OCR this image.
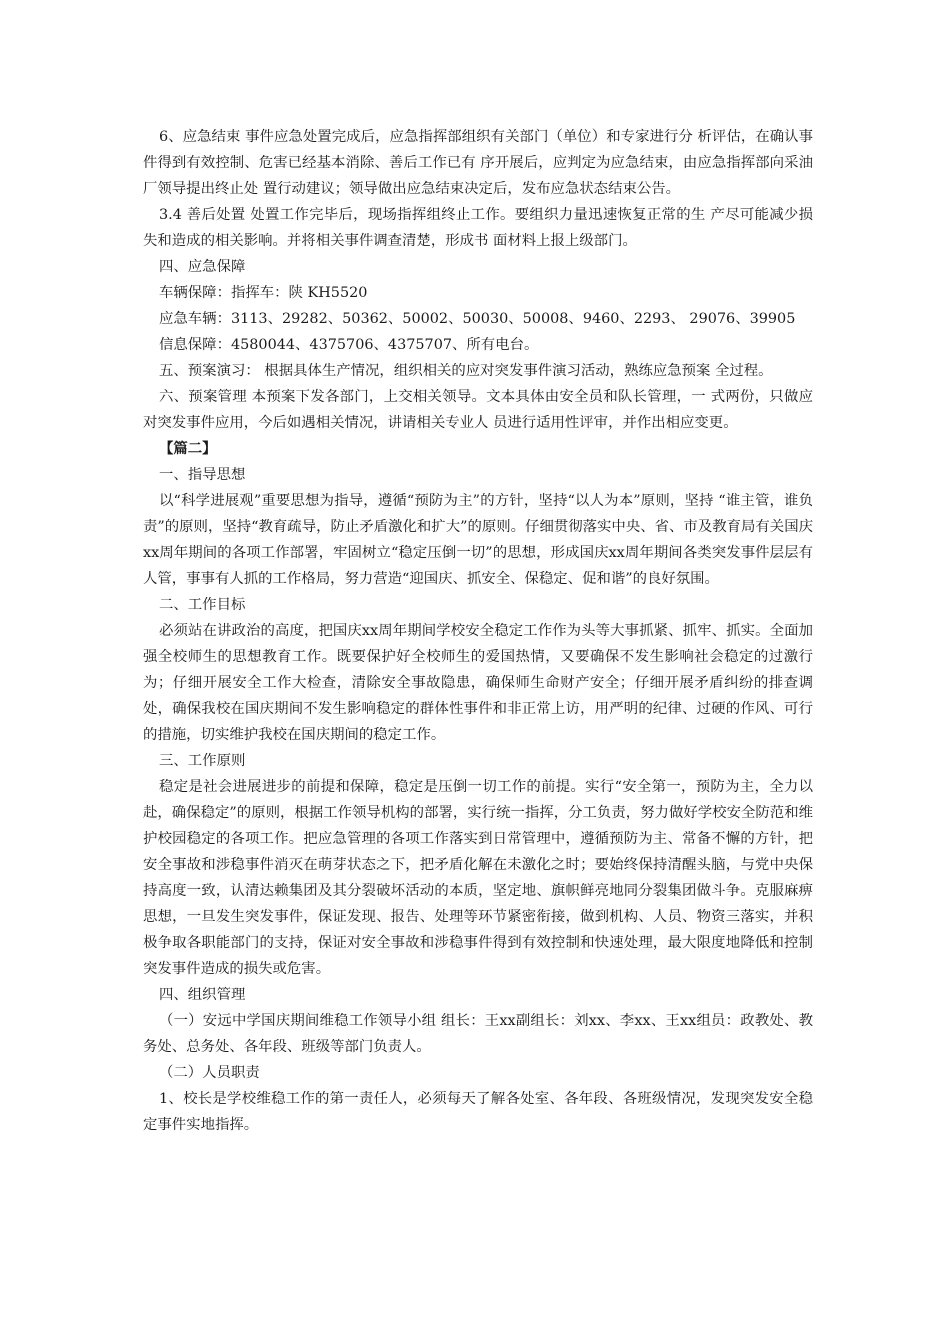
6、应急结束 事件应急处置完成后，应急指挥部组织有关部门（单位）和专家进行分 析评估，在确认事件得到有效控制、危害已经基本消除、善后工作已有 序开展后，应判定为应急结束，由应急指挥部向采油厂领导提出终止处 置行动建议；领导做出应急结束决定后，发布应急状态结束公告。

3.4 善后处置 处置工作完毕后，现场指挥组终止工作。要组织力量迅速恢复正常的生 产尽可能减少损失和造成的相关影响。并将相关事件调查清楚，形成书 面材料上报上级部门。

四、应急保障

车辆保障：指挥车：陕 KH5520

应急车辆：3113、29282、50362、50002、50030、50008、9460、2293、 29076、39905

信息保障：4580044、4375706、4375707、所有电台。

五、预案演习： 根据具体生产情况，组织相关的应对突发事件演习活动，熟练应急预案 全过程。

六、预案管理 本预案下发各部门，上交相关领导。文本具体由安全员和队长管理，一 式两份，只做应对突发事件应用，今后如遇相关情况，讲请相关专业人 员进行适用性评审，并作出相应变更。

【篇二】

一、指导思想

以“科学进展观”重要思想为指导，遵循“预防为主”的方针，坚持“以人为本”原则，坚持 “谁主管，谁负责”的原则，坚持“教育疏导，防止矛盾激化和扩大”的原则。仔细贯彻落实中央、省、市及教育局有关国庆xx周年期间的各项工作部署，牢固树立“稳定压倒一切”的思想，形成国庆xx周年期间各类突发事件层层有人管，事事有人抓的工作格局，努力营造“迎国庆、抓安全、保稳定、促和谐”的良好氛围。

二、工作目标

必须站在讲政治的高度，把国庆xx周年期间学校安全稳定工作作为头等大事抓紧、抓牢、抓实。全面加强全校师生的思想教育工作。既要保护好全校师生的爱国热情，又要确保不发生影响社会稳定的过激行为；仔细开展安全工作大检查，清除安全事故隐患，确保师生命财产安全；仔细开展矛盾纠纷的排查调处，确保我校在国庆期间不发生影响稳定的群体性事件和非正常上访，用严明的纪律、过硬的作风、可行的措施，切实维护我校在国庆期间的稳定工作。

三、工作原则

稳定是社会进展进步的前提和保障，稳定是压倒一切工作的前提。实行“安全第一，预防为主，全力以赴，确保稳定”的原则，根据工作领导机构的部署，实行统一指挥，分工负责，努力做好学校安全防范和维护校园稳定的各项工作。把应急管理的各项工作落实到日常管理中，遵循预防为主、常备不懈的方针，把安全事故和涉稳事件消灭在萌芽状态之下，把矛盾化解在未激化之时；要始终保持清醒头脑，与党中央保持高度一致，认清达赖集团及其分裂破坏活动的本质，坚定地、旗帜鲜亮地同分裂集团做斗争。克服麻痹思想，一旦发生突发事件，保证发现、报告、处理等环节紧密衔接，做到机构、人员、物资三落实，并积极争取各职能部门的支持，保证对安全事故和涉稳事件得到有效控制和快速处理，最大限度地降低和控制突发事件造成的损失或危害。

四、组织管理

（一）安远中学国庆期间维稳工作领导小组 组长：王xx副组长：刘xx、李xx、王xx组员：政教处、教务处、总务处、各年段、班级等部门负责人。

（二）人员职责

1、校长是学校维稳工作的第一责任人，必须每天了解各处室、各年段、各班级情况，发现突发安全稳定事件实地指挥。
